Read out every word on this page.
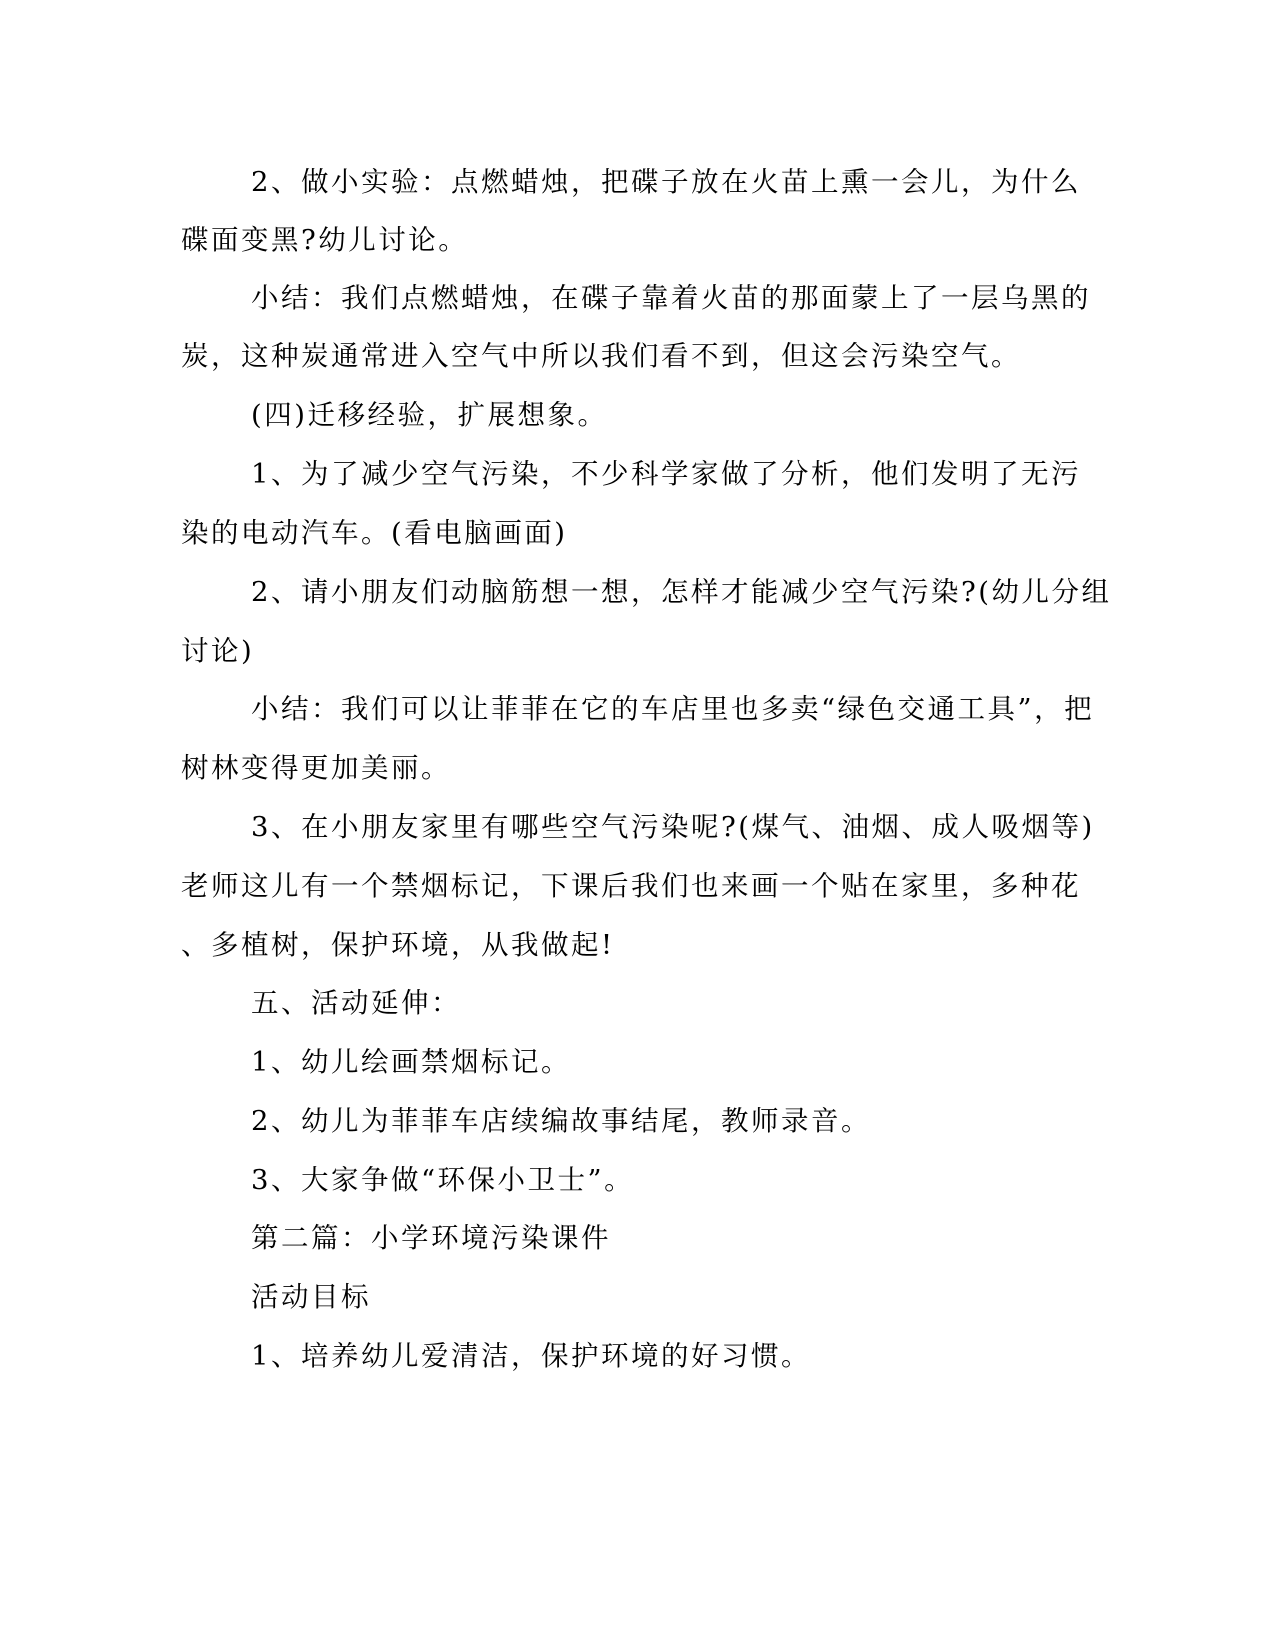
2、做小实验：点燃蜡烛，把碟子放在火苗上熏一会儿，为什么
碟面变黑?幼儿讨论。
小结：我们点燃蜡烛，在碟子靠着火苗的那面蒙上了一层乌黑的
炭，这种炭通常进入空气中所以我们看不到，但这会污染空气。
(四)迁移经验，扩展想象。
1、为了减少空气污染，不少科学家做了分析，他们发明了无污
染的电动汽车。(看电脑画面)
2、请小朋友们动脑筋想一想，怎样才能减少空气污染?(幼儿分组
讨论)
小结：我们可以让菲菲在它的车店里也多卖“绿色交通工具”，把
树林变得更加美丽。
3、在小朋友家里有哪些空气污染呢?(煤气、油烟、成人吸烟等)
老师这儿有一个禁烟标记，下课后我们也来画一个贴在家里，多种花
、多植树，保护环境，从我做起!
五、活动延伸：
1、幼儿绘画禁烟标记。
2、幼儿为菲菲车店续编故事结尾，教师录音。
3、大家争做“环保小卫士”。
第二篇：小学环境污染课件
活动目标
1、培养幼儿爱清洁，保护环境的好习惯。
